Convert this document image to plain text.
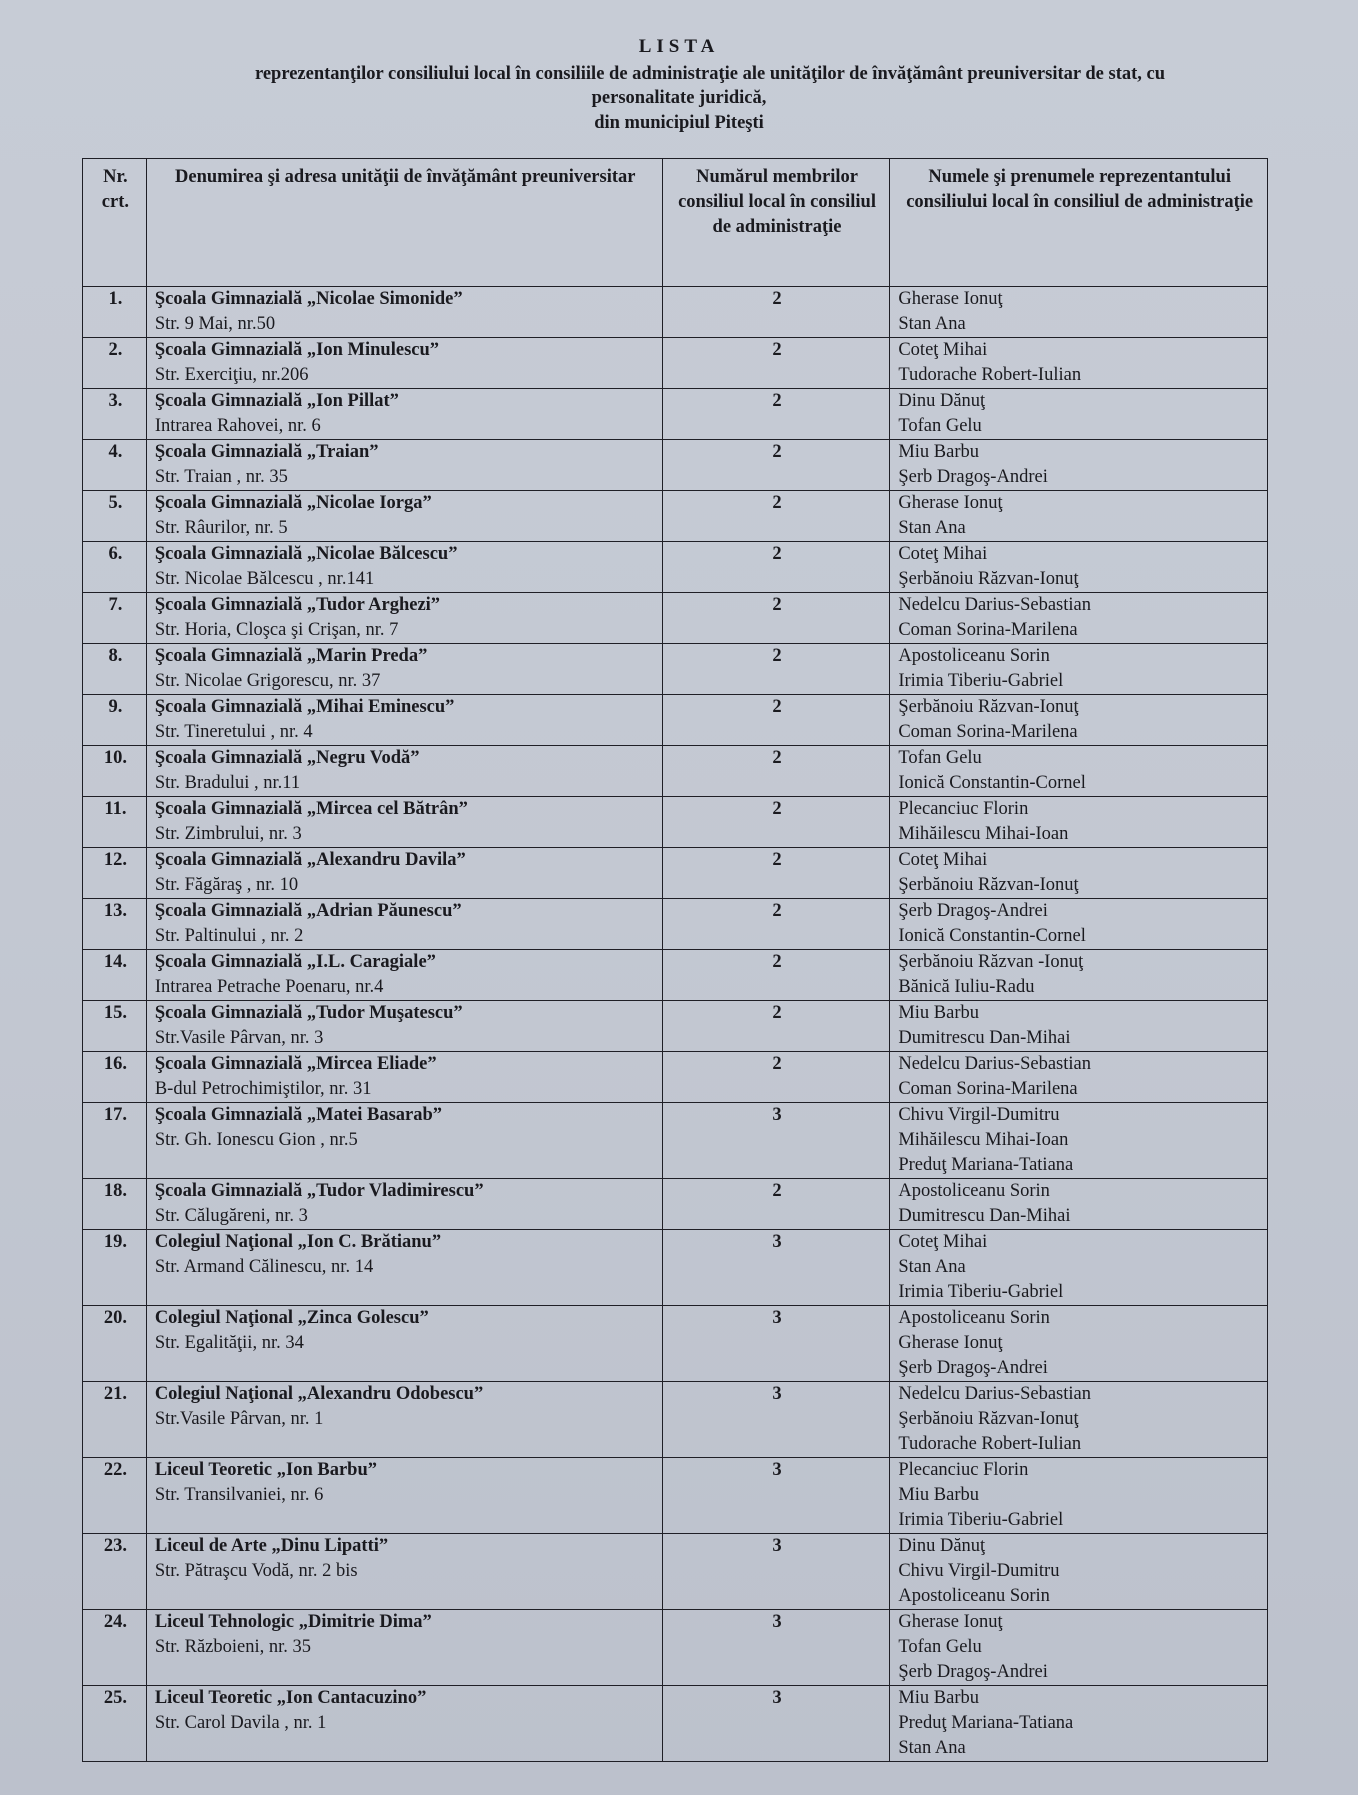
LISTA
reprezentanţilor consiliului local în consiliile de administraţie ale unităţilor de învăţământ preuniversitar de stat, cu
personalitate juridică,
din municipiul Piteşti
Nr. crt.	Denumirea şi adresa unităţii de învăţământ preuniversitar	Numărul membrilor consiliul local în consiliul de administraţie	Numele şi prenumele reprezentantului consiliului local în consiliul de administraţie
1.	Şcoala Gimnazială „Nicolae Simonide”
Str. 9 Mai, nr.50	2	Gherase Ionuţ
Stan Ana

2.	Şcoala Gimnazială „Ion Minulescu”
Str. Exerciţiu, nr.206	2	Coteţ Mihai
Tudorache Robert-Iulian

3.	Şcoala Gimnazială „Ion Pillat”
Intrarea Rahovei, nr. 6	2	Dinu Dănuţ
Tofan Gelu

4.	Şcoala Gimnazială „Traian”
Str. Traian , nr. 35	2	Miu Barbu
Şerb Dragoş-Andrei

5.	Şcoala Gimnazială „Nicolae Iorga”
Str. Râurilor, nr. 5	2	Gherase Ionuţ
Stan Ana

6.	Şcoala Gimnazială „Nicolae Bălcescu”
Str. Nicolae Bălcescu , nr.141	2	Coteţ Mihai
Şerbănoiu Răzvan-Ionuţ

7.	Şcoala Gimnazială „Tudor Arghezi”
Str. Horia, Cloşca şi Crişan, nr. 7	2	Nedelcu Darius-Sebastian
Coman Sorina-Marilena

8.	Şcoala Gimnazială „Marin Preda”
Str. Nicolae Grigorescu, nr. 37	2	Apostoliceanu Sorin
Irimia Tiberiu-Gabriel

9.	Şcoala Gimnazială „Mihai Eminescu”
Str. Tineretului , nr. 4	2	Şerbănoiu Răzvan-Ionuţ
Coman Sorina-Marilena

10.	Şcoala Gimnazială „Negru Vodă”
Str. Bradului , nr.11	2	Tofan Gelu
Ionică Constantin-Cornel

11.	Şcoala Gimnazială „Mircea cel Bătrân”
Str. Zimbrului, nr. 3	2	Plecanciuc Florin
Mihăilescu Mihai-Ioan

12.	Şcoala Gimnazială „Alexandru Davila”
Str. Făgăraş , nr. 10	2	Coteţ Mihai
Şerbănoiu Răzvan-Ionuţ

13.	Şcoala Gimnazială „Adrian Păunescu”
Str. Paltinului , nr. 2	2	Şerb Dragoş-Andrei
Ionică Constantin-Cornel

14.	Şcoala Gimnazială „I.L. Caragiale”
Intrarea Petrache Poenaru, nr.4	2	Şerbănoiu Răzvan -Ionuţ
Bănică Iuliu-Radu

15.	Şcoala Gimnazială „Tudor Muşatescu”
Str.Vasile Pârvan, nr. 3	2	Miu Barbu
Dumitrescu Dan-Mihai

16.	Şcoala Gimnazială „Mircea Eliade”
B-dul Petrochimiştilor, nr. 31	2	Nedelcu Darius-Sebastian
Coman Sorina-Marilena

17.	Şcoala Gimnazială „Matei Basarab”
Str. Gh. Ionescu Gion , nr.5	3	Chivu Virgil-Dumitru
Mihăilescu Mihai-Ioan
Preduţ Mariana-Tatiana

18.	Şcoala Gimnazială „Tudor Vladimirescu”
Str. Călugăreni, nr. 3	2	Apostoliceanu Sorin
Dumitrescu Dan-Mihai

19.	Colegiul Naţional „Ion C. Brătianu”
Str. Armand Călinescu, nr. 14	3	Coteţ Mihai
Stan Ana
Irimia Tiberiu-Gabriel

20.	Colegiul Naţional „Zinca Golescu”
Str. Egalităţii, nr. 34	3	Apostoliceanu Sorin
Gherase Ionuţ
Şerb Dragoş-Andrei

21.	Colegiul Naţional „Alexandru Odobescu”
Str.Vasile Pârvan, nr. 1	3	Nedelcu Darius-Sebastian
Şerbănoiu Răzvan-Ionuţ
Tudorache Robert-Iulian

22.	Liceul Teoretic „Ion Barbu”
Str. Transilvaniei, nr. 6	3	Plecanciuc Florin
Miu Barbu
Irimia Tiberiu-Gabriel

23.	Liceul de Arte „Dinu Lipatti”
Str. Pătraşcu Vodă, nr. 2 bis	3	Dinu Dănuţ
Chivu Virgil-Dumitru
Apostoliceanu Sorin

24.	Liceul Tehnologic „Dimitrie Dima”
Str. Războieni, nr. 35	3	Gherase Ionuţ
Tofan Gelu
Şerb Dragoş-Andrei

25.	Liceul Teoretic „Ion Cantacuzino”
Str. Carol Davila , nr. 1	3	Miu Barbu
Preduţ Mariana-Tatiana
Stan Ana
